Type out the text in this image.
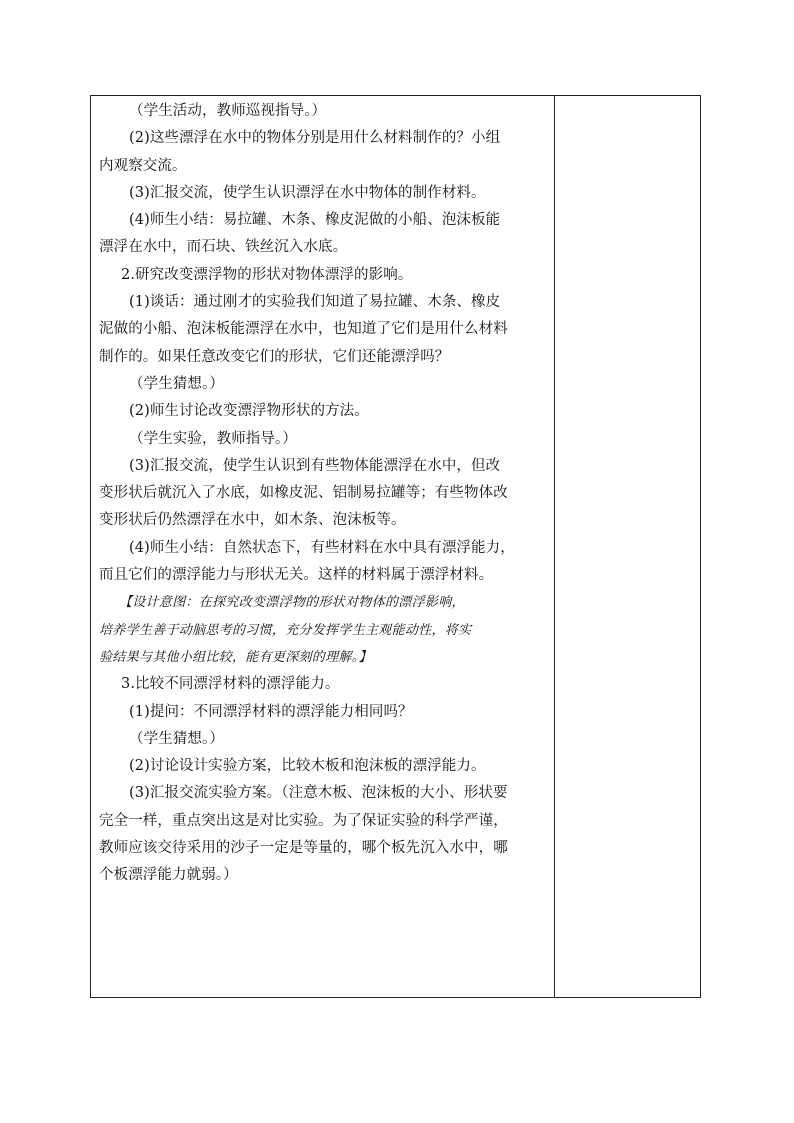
（学生活动，教师巡视指导。）
(2)这些漂浮在水中的物体分别是用什么材料制作的？小组
内观察交流。
(3)汇报交流，使学生认识漂浮在水中物体的制作材料。
(4)师生小结：易拉罐、木条、橡皮泥做的小船、泡沫板能
漂浮在水中，而石块、铁丝沉入水底。
2.研究改变漂浮物的形状对物体漂浮的影响。
(1)谈话：通过刚才的实验我们知道了易拉罐、木条、橡皮
泥做的小船、泡沫板能漂浮在水中，也知道了它们是用什么材料
制作的。如果任意改变它们的形状，它们还能漂浮吗？
（学生猜想。）
(2)师生讨论改变漂浮物形状的方法。
（学生实验，教师指导。）
(3)汇报交流，使学生认识到有些物体能漂浮在水中，但改
变形状后就沉入了水底，如橡皮泥、铝制易拉罐等；有些物体改
变形状后仍然漂浮在水中，如木条、泡沫板等。
(4)师生小结：自然状态下，有些材料在水中具有漂浮能力，
而且它们的漂浮能力与形状无关。这样的材料属于漂浮材料。
【设计意图：在探究改变漂浮物的形状对物体的漂浮影响，
培养学生善于动脑思考的习惯，充分发挥学生主观能动性，将实
验结果与其他小组比较，能有更深刻的理解。】
3.比较不同漂浮材料的漂浮能力。
(1)提问：不同漂浮材料的漂浮能力相同吗？
（学生猜想。）
(2)讨论设计实验方案，比较木板和泡沫板的漂浮能力。
(3)汇报交流实验方案。（注意木板、泡沫板的大小、形状要
完全一样，重点突出这是对比实验。为了保证实验的科学严谨，
教师应该交待采用的沙子一定是等量的，哪个板先沉入水中，哪
个板漂浮能力就弱。）
